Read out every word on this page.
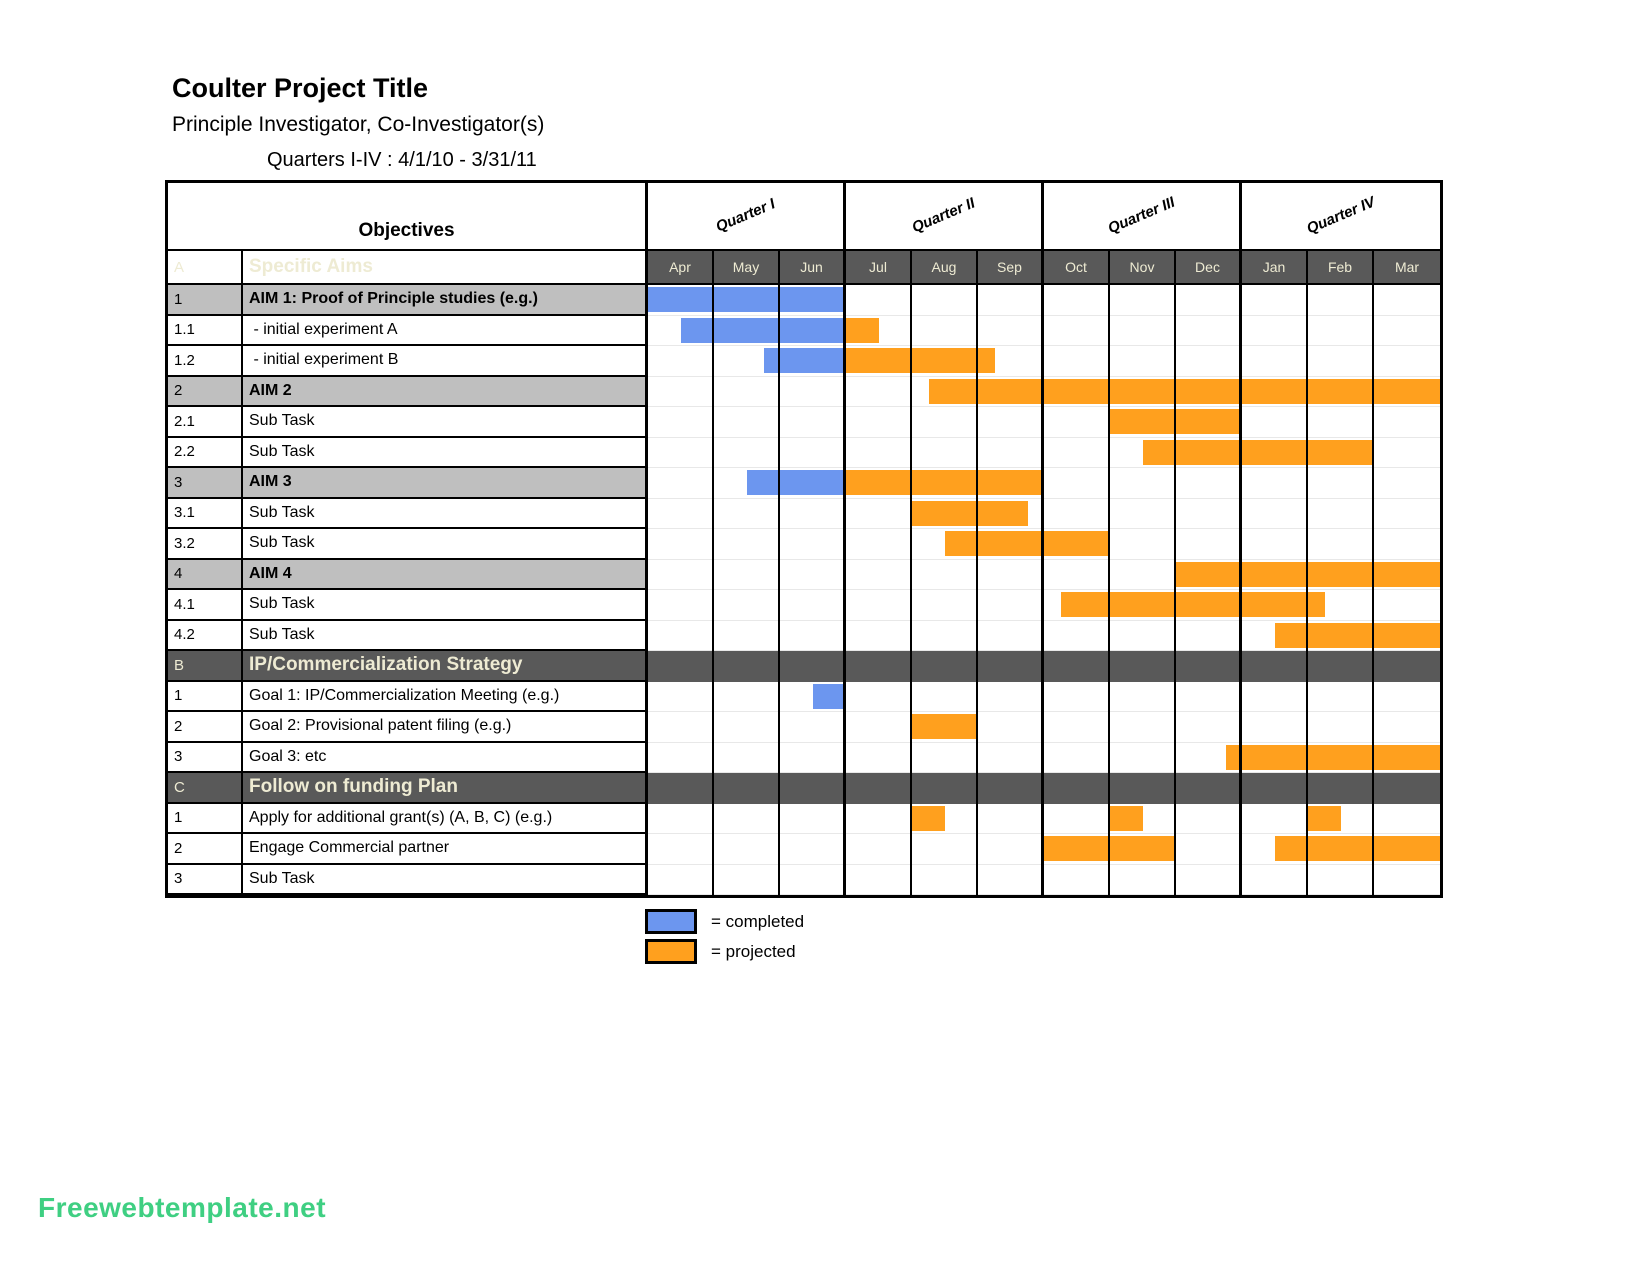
Coulter Project Title
Principle Investigator, Co-Investigator(s)
Quarters I-IV : 4/1/10 - 3/31/11
Objectives	Quarter I	Quarter II	Quarter III	Quarter IV
A	Specific Aims	Apr	May	Jun	Jul	Aug	Sep	Oct	Nov	Dec	Jan	Feb	Mar
1	AIM 1: Proof of Principle studies (e.g.)
1.1	- initial experiment A
1.2	- initial experiment B
2	AIM 2
2.1	Sub Task
2.2	Sub Task
3	AIM 3
3.1	Sub Task
3.2	Sub Task
4	AIM 4
4.1	Sub Task
4.2	Sub Task
B	IP/Commercialization Strategy
1	Goal 1: IP/Commercialization Meeting (e.g.)
2	Goal 2: Provisional patent filing (e.g.)
3	Goal 3: etc
C	Follow on funding Plan
1	Apply for additional grant(s) (A, B, C) (e.g.)
2	Engage Commercial partner
3	Sub Task
= completed
= projected
Freewebtemplate.net
